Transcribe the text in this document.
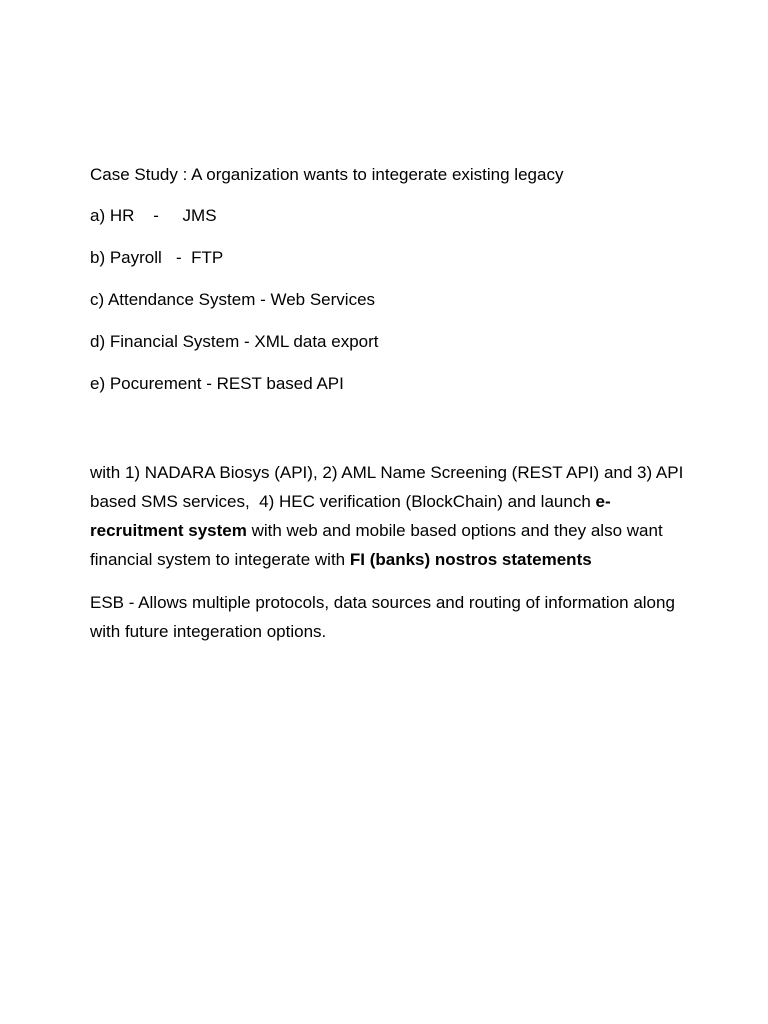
Case Study : A organization wants to integerate existing legacy

a) HR    -     JMS

b) Payroll   -  FTP

c) Attendance System - Web Services

d) Financial System - XML data export

e) Pocurement - REST based API

with 1) NADARA Biosys (API), 2) AML Name Screening (REST API) and 3) API based SMS services,  4) HEC verification (BlockChain) and launch e-recruitment system with web and mobile based options and they also want financial system to integerate with FI (banks) nostros statements

ESB - Allows multiple protocols, data sources and routing of information along with future integeration options.
